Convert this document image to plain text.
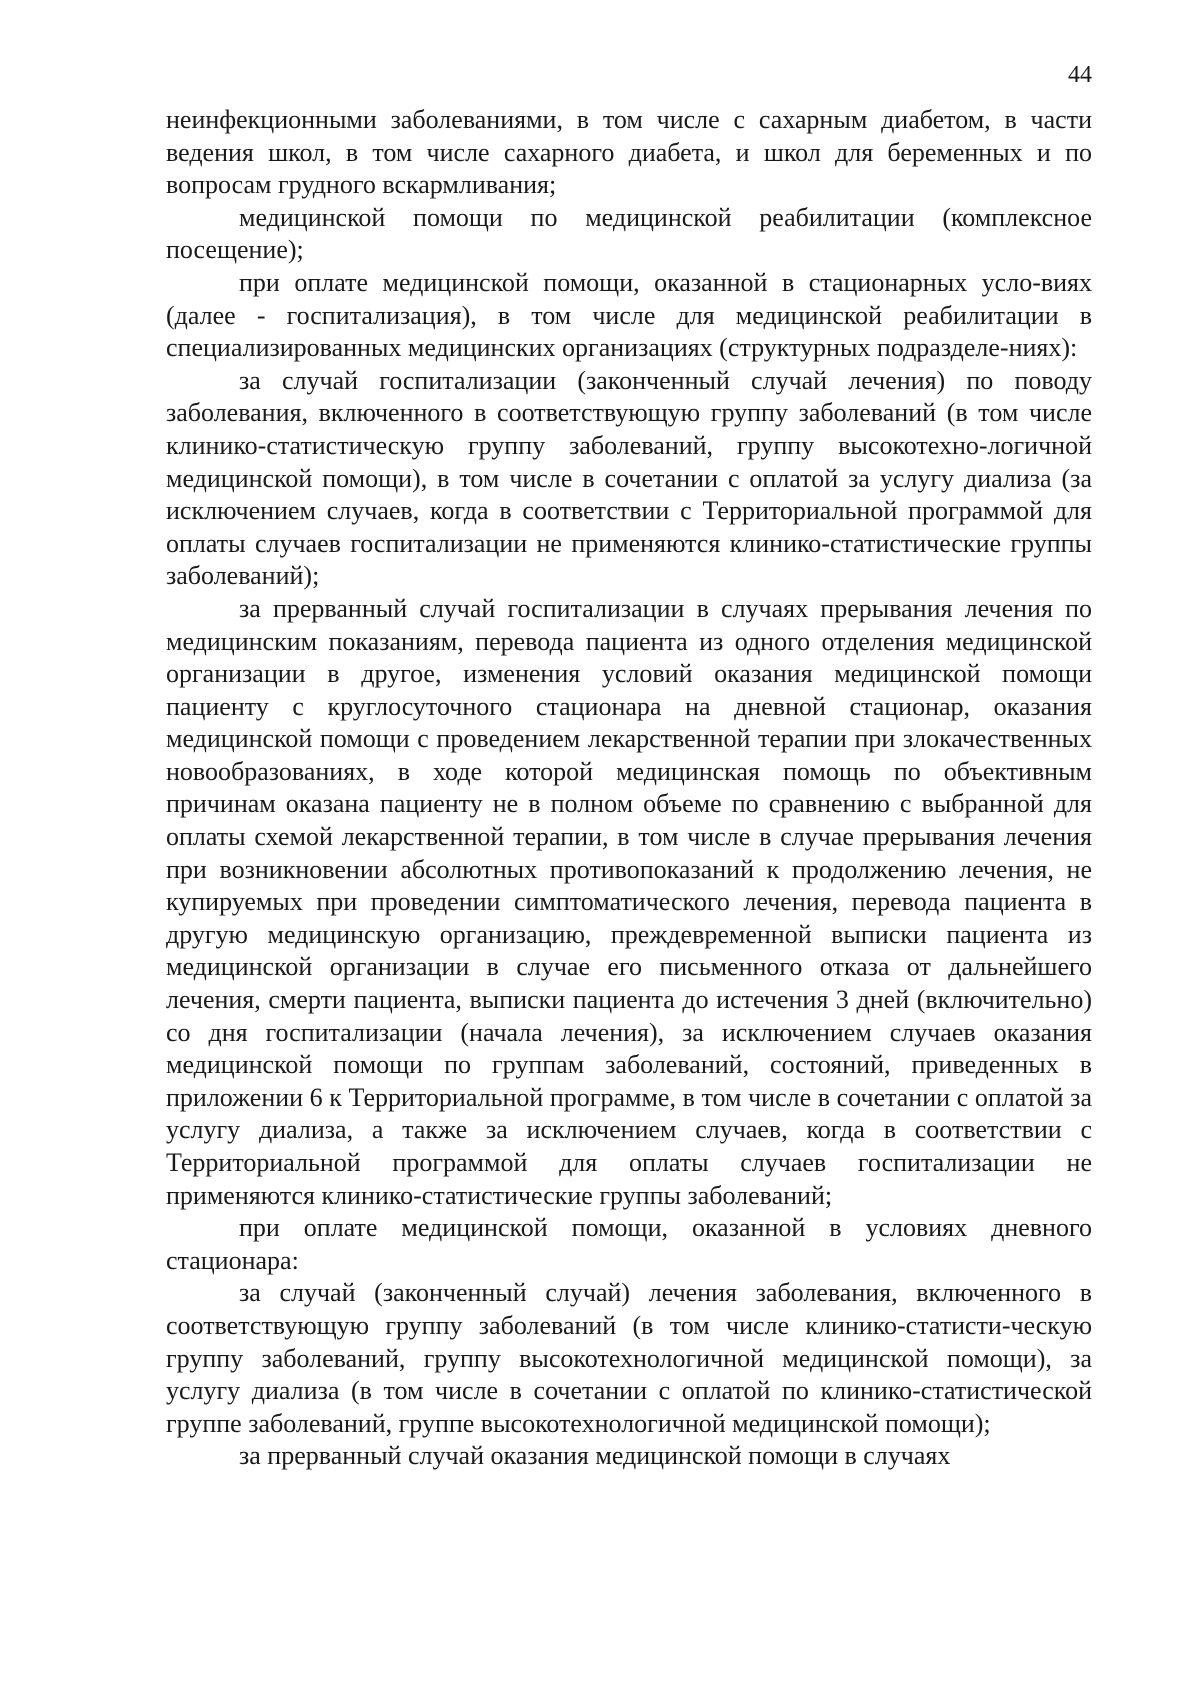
44

неинфекционными заболеваниями, в том числе с сахарным диабетом, в части ведения школ, в том числе сахарного диабета, и школ для беременных и по вопросам грудного вскармливания;

медицинской помощи по медицинской реабилитации (комплексное посещение);

при оплате медицинской помощи, оказанной в стационарных усло-виях (далее - госпитализация), в том числе для медицинской реабилитации в специализированных медицинских организациях (структурных подразделе-ниях):

за случай госпитализации (законченный случай лечения) по поводу заболевания, включенного в соответствующую группу заболеваний (в том числе клинико-статистическую группу заболеваний, группу высокотехно-логичной медицинской помощи), в том числе в сочетании с оплатой за услугу диализа (за исключением случаев, когда в соответствии с Территориальной программой для оплаты случаев госпитализации не применяются клинико-статистические группы заболеваний);

за прерванный случай госпитализации в случаях прерывания лечения по медицинским показаниям, перевода пациента из одного отделения медицинской организации в другое, изменения условий оказания медицинской помощи пациенту с круглосуточного стационара на дневной стационар, оказания медицинской помощи с проведением лекарственной терапии при злокачественных новообразованиях, в ходе которой медицинская помощь по объективным причинам оказана пациенту не в полном объеме по сравнению с выбранной для оплаты схемой лекарственной терапии, в том числе в случае прерывания лечения при возникновении абсолютных противопоказаний к продолжению лечения, не купируемых при проведении симптоматического лечения, перевода пациента в другую медицинскую организацию, преждевременной выписки пациента из медицинской организации в случае его письменного отказа от дальнейшего лечения, смерти пациента, выписки пациента до истечения 3 дней (включительно) со дня госпитализации (начала лечения), за исключением случаев оказания медицинской помощи по группам заболеваний, состояний, приведенных в приложении 6 к Территориальной программе, в том числе в сочетании с оплатой за услугу диализа, а также за исключением случаев, когда в соответствии с Территориальной программой для оплаты случаев госпитализации не применяются клинико-статистические группы заболеваний;

при оплате медицинской помощи, оказанной в условиях дневного стационара:

за случай (законченный случай) лечения заболевания, включенного в соответствующую группу заболеваний (в том числе клинико-статисти-ческую группу заболеваний, группу высокотехнологичной медицинской помощи), за услугу диализа (в том числе в сочетании с оплатой по клинико-статистической группе заболеваний, группе высокотехнологичной медицинской помощи);

за прерванный случай оказания медицинской помощи в случаях
